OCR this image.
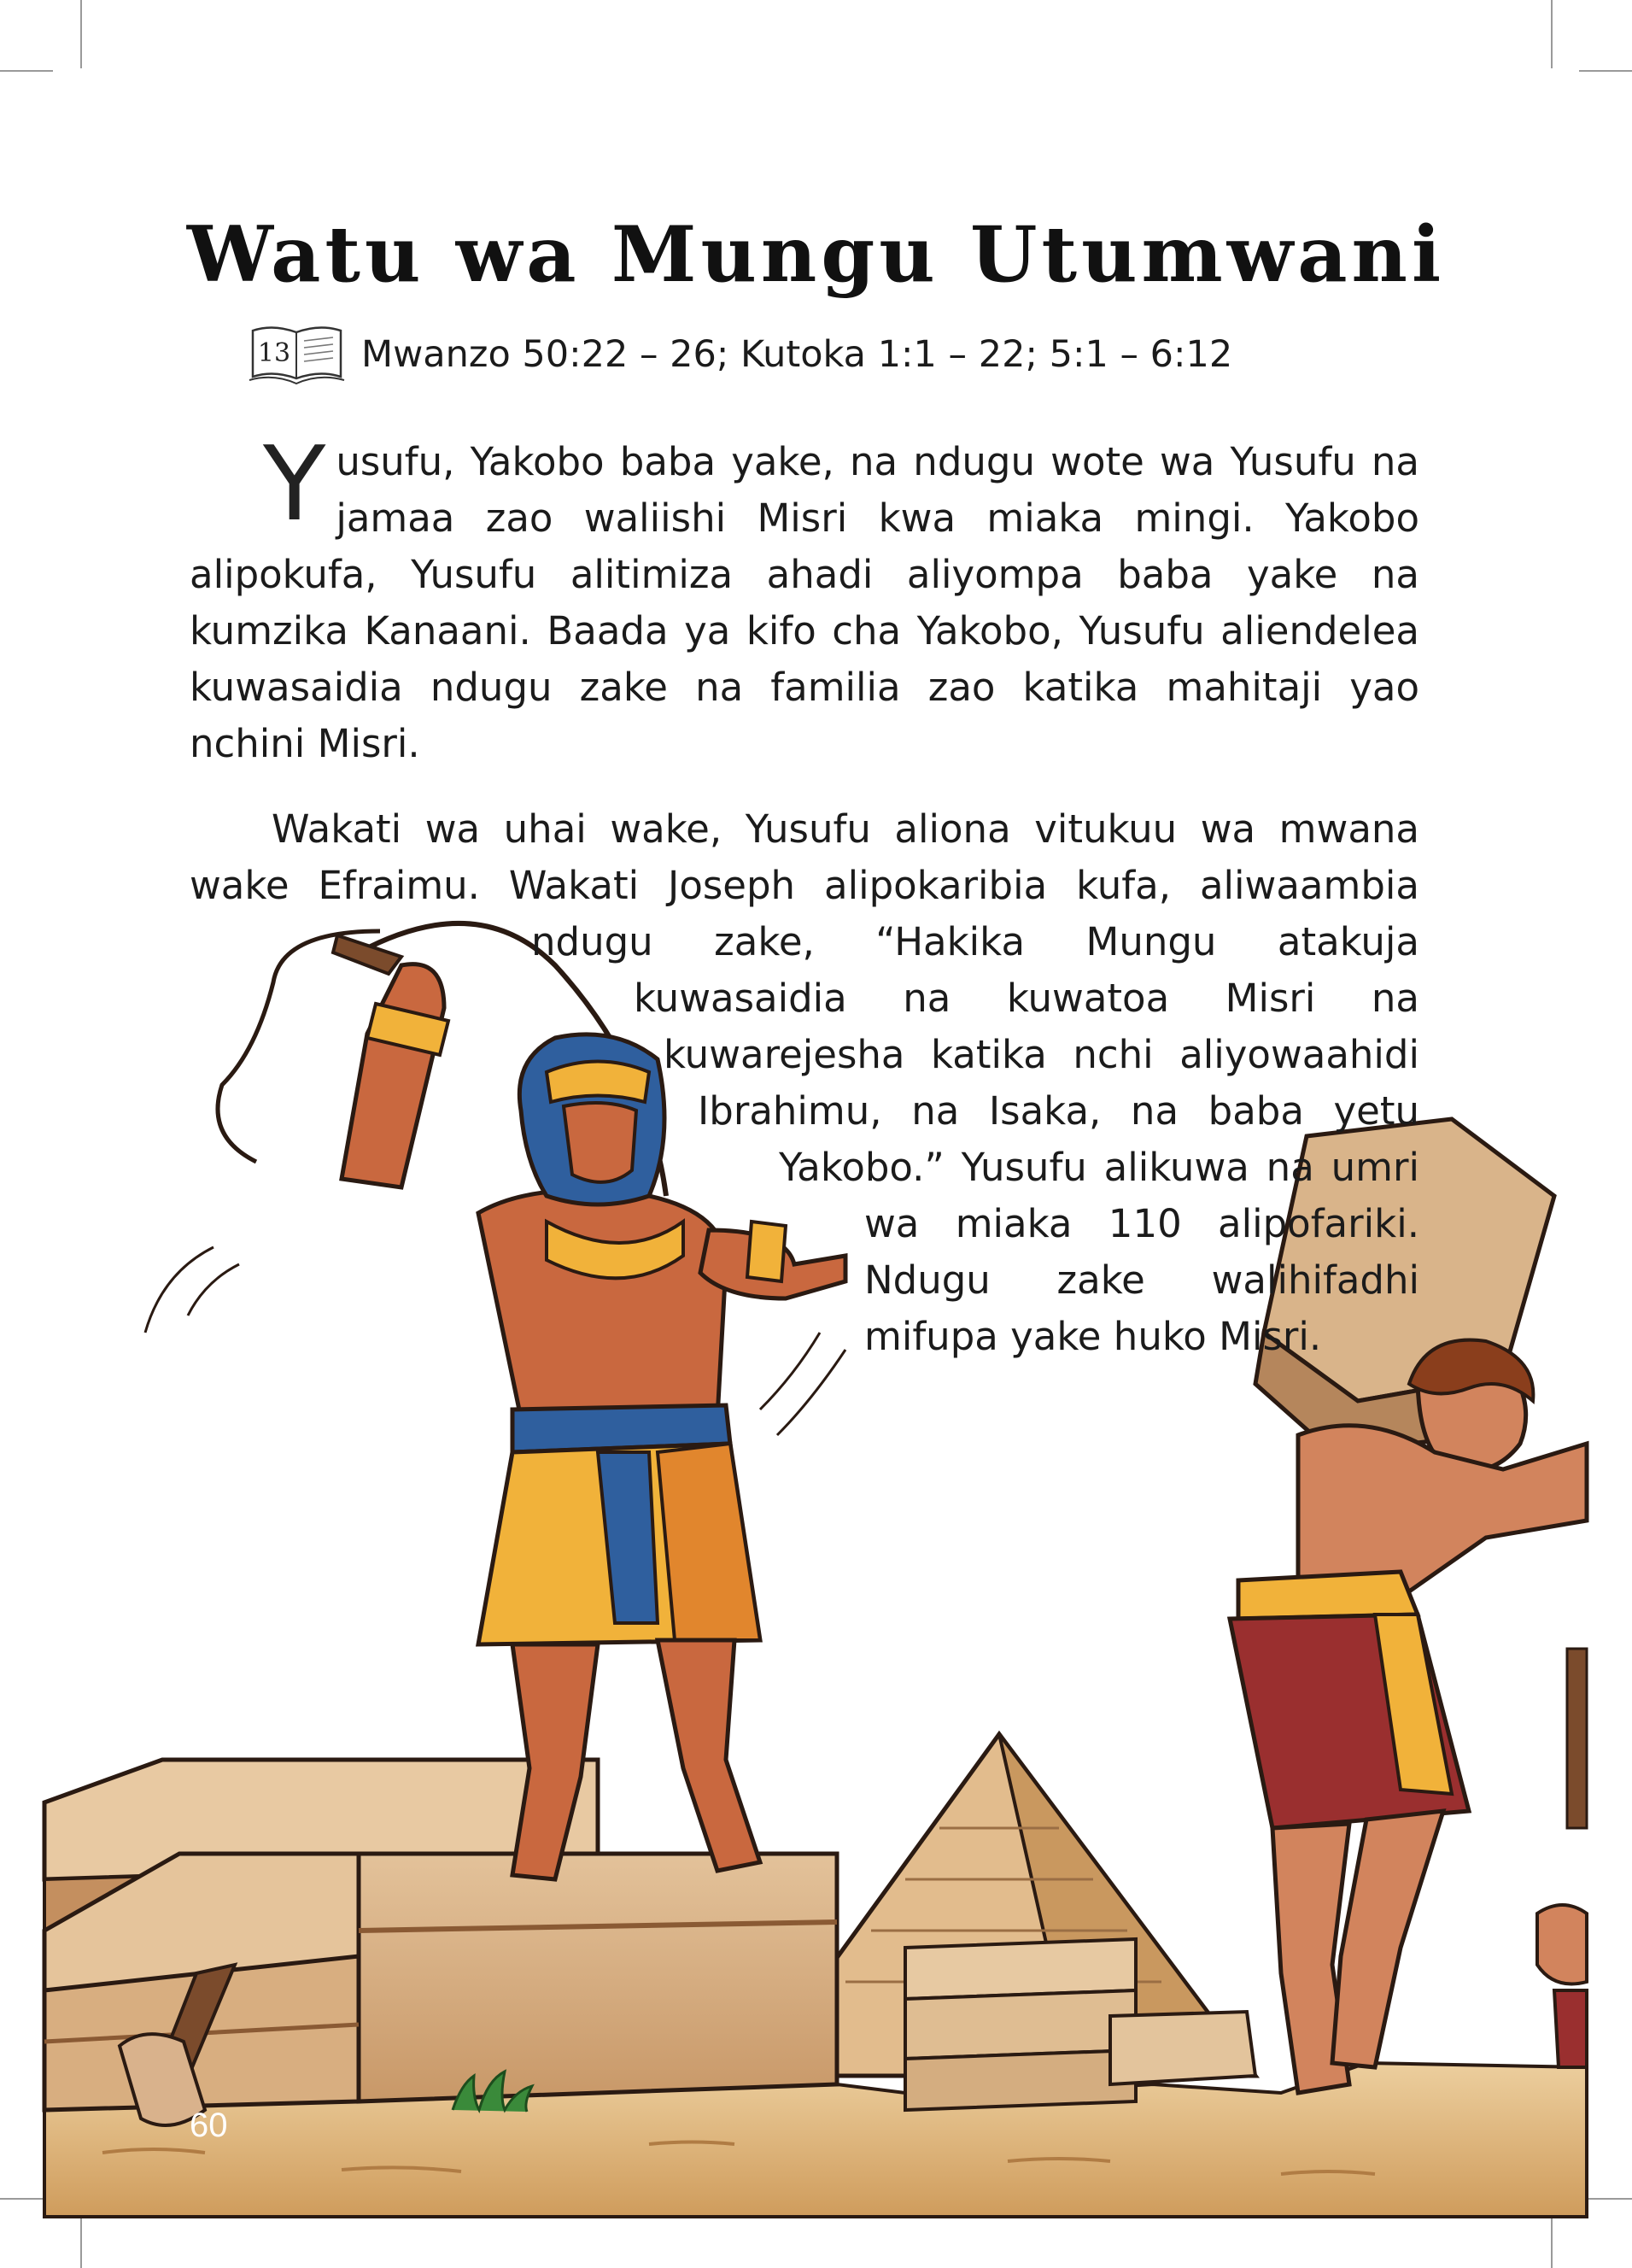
Watu wa Mungu Utumwani
13 Mwanzo 50:22 – 26; Kutoka 1:1 – 22; 5:1 – 6:12

Yusufu, Yakobo baba yake, na ndugu wote wa Yusufu na jamaa zao waliishi Misri kwa miaka mingi. Yakobo alipokufa, Yusufu alitimiza ahadi aliyompa baba yake na kumzika Kanaani. Baada ya kifo cha Yakobo, Yusufu aliendelea kuwasaidia ndugu zake na familia zao katika mahitaji yao nchini Misri.

Wakati wa uhai wake, Yusufu aliona vitukuu wa mwana wake Efraimu. Wakati Joseph alipokaribia kufa, aliwaambia ndugu zake, “Hakika Mungu atakuja kuwasaidia na kuwatoa Misri na kuwarejesha katika nchi aliyowaahidi Ibrahimu, na Isaka, na baba yetu Yakobo.” Yusufu alikuwa na umri wa miaka 110 alipofariki. Ndugu zake walihifadhi mifupa yake huko Misri.

60
